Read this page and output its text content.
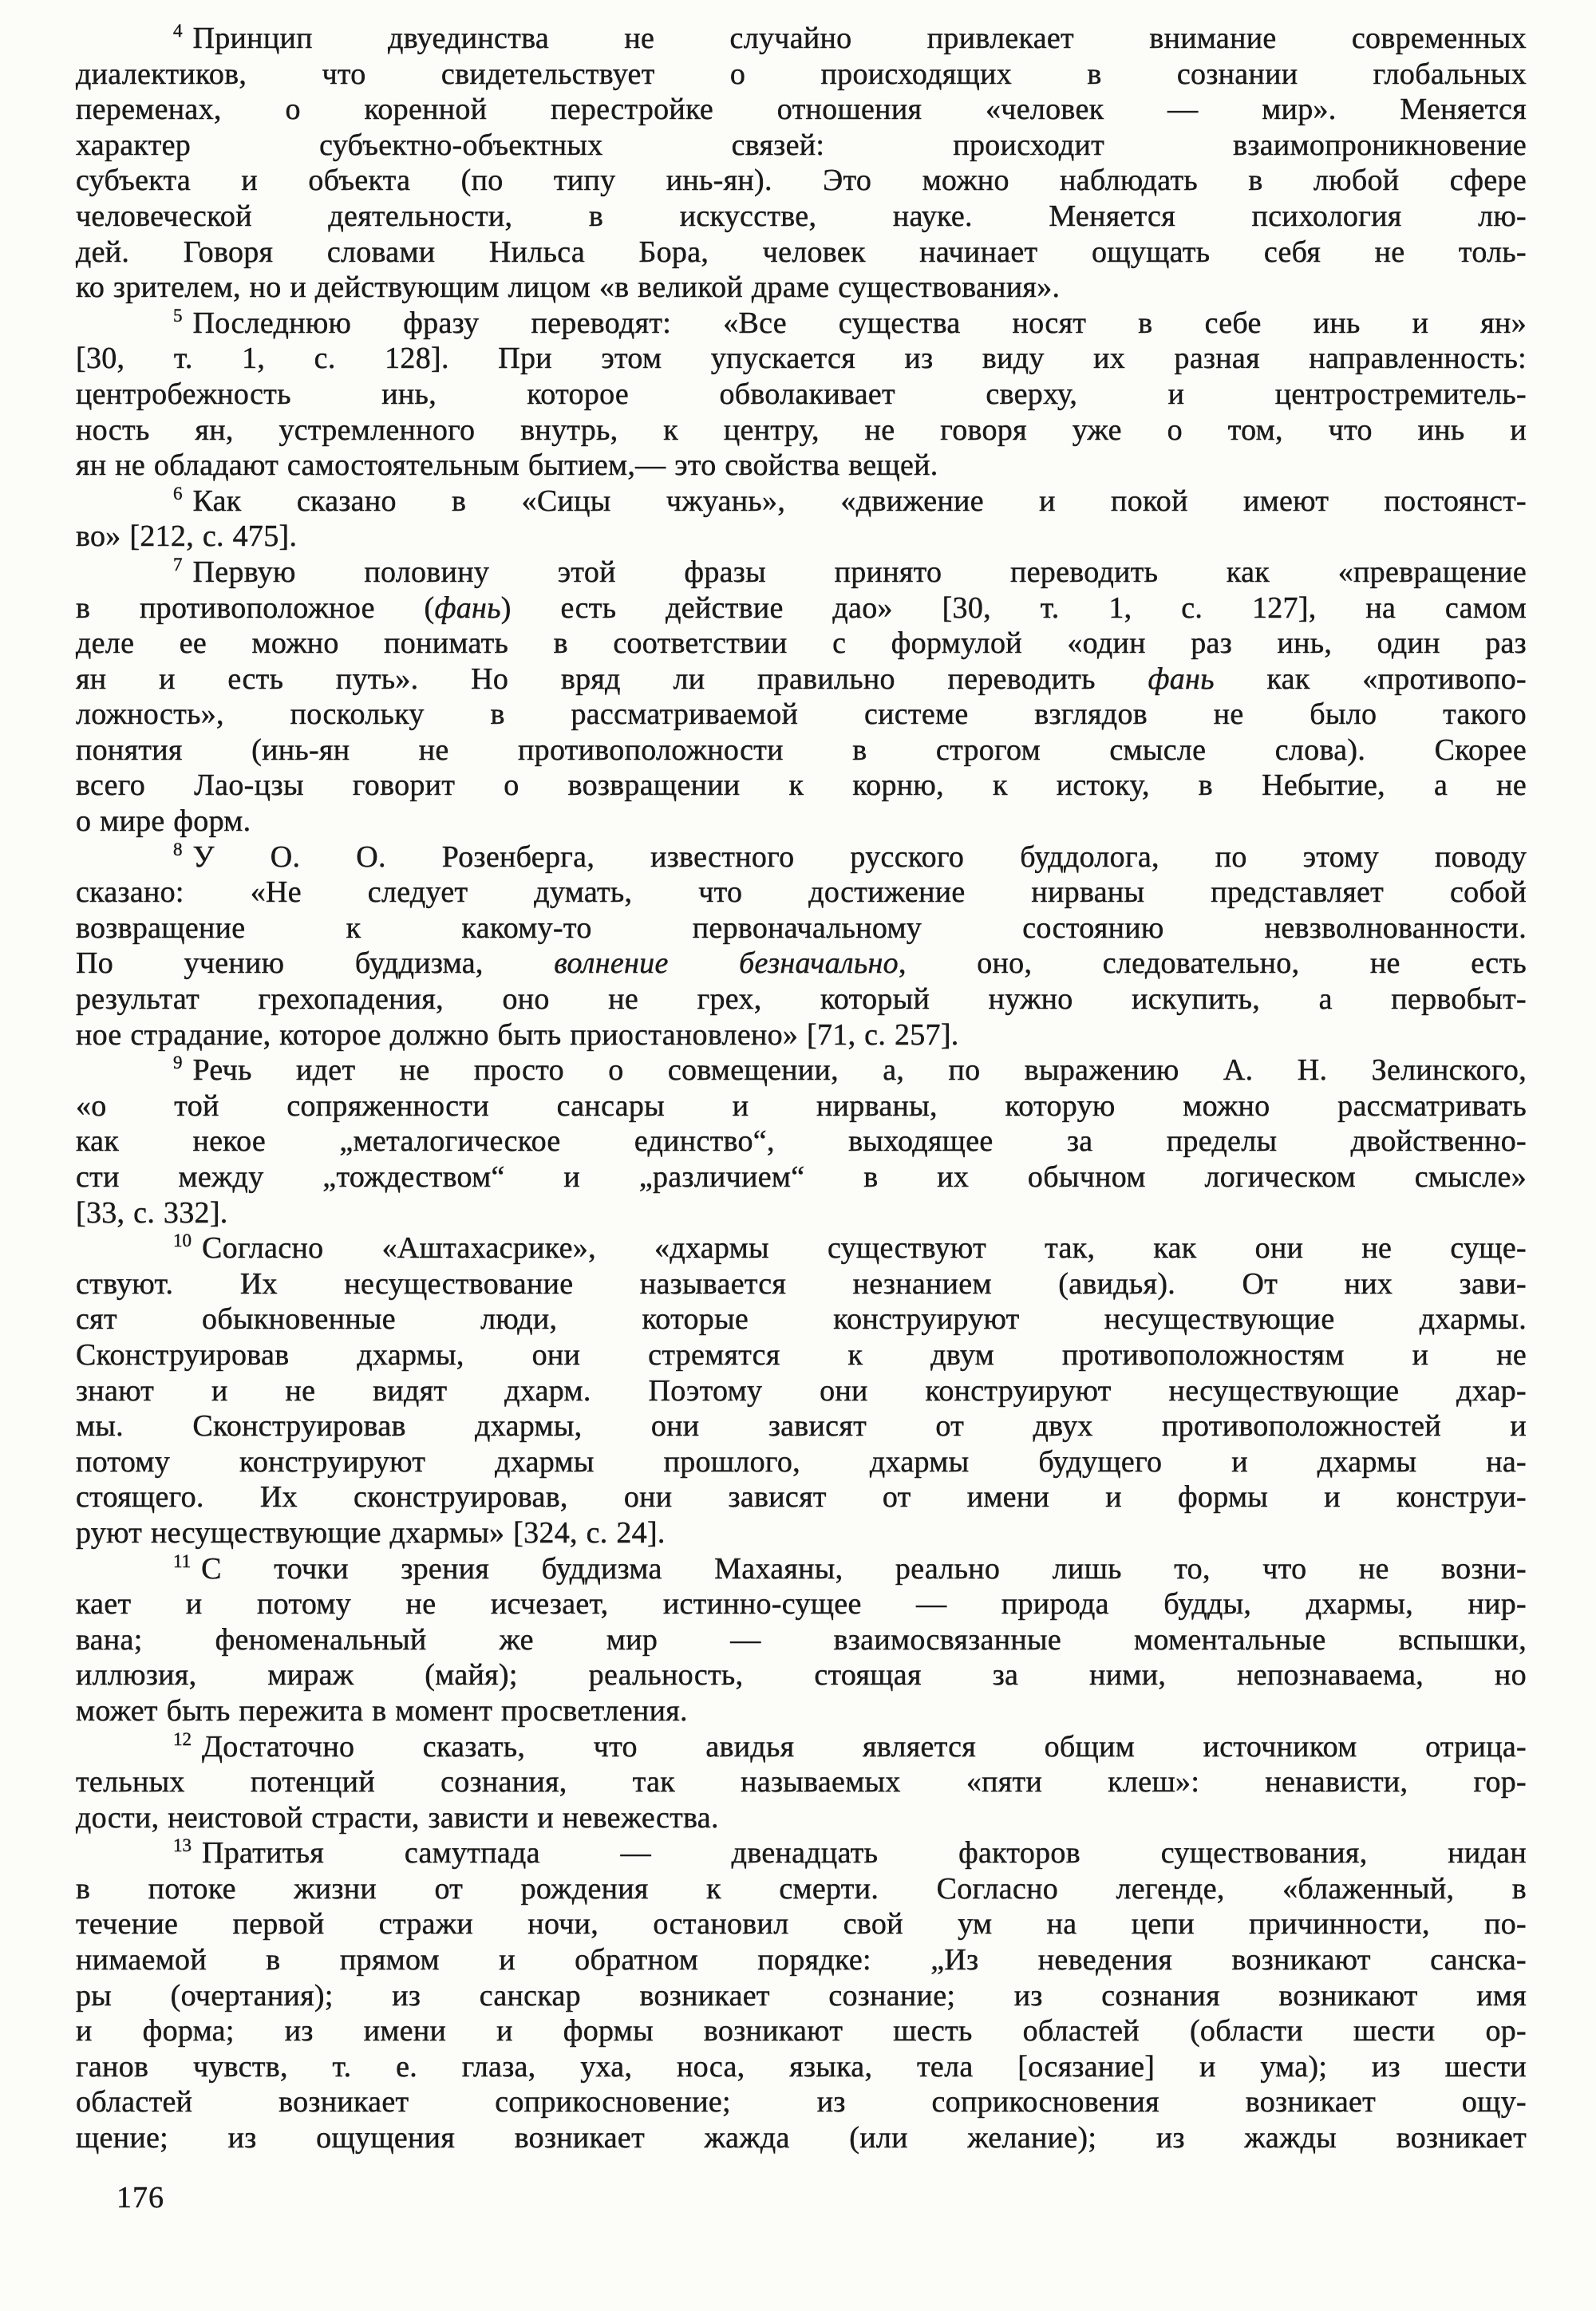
$^4$ Принцип двуединства не случайно привлекает внимание современных
диалектиков, что свидетельствует о происходящих в сознании глобальных
переменах, о коренной перестройке отношения «человек — мир». Меняется
характер субъектно-объектных связей: происходит взаимопроникновение
субъекта и объекта (по типу инь-ян). Это можно наблюдать в любой сфере
человеческой деятельности, в искусстве, науке. Меняется психология лю-
дей. Говоря словами Нильса Бора, человек начинает ощущать себя не толь-
ко зрителем, но и действующим лицом «в великой драме существования».
$^5$ Последнюю фразу переводят: «Все существа носят в себе инь и ян»
[30, т. 1, с. 128]. При этом упускается из виду их разная направленность:
центробежность инь, которое обволакивает сверху, и центростремитель-
ность ян, устремленного внутрь, к центру, не говоря уже о том, что инь и
ян не обладают самостоятельным бытием,— это свойства вещей.
$^6$ Как сказано в «Сицы чжуань», «движение и покой имеют постоянст-
во» [212, с. 475].
$^7$ Первую половину этой фразы принято переводить как «превращение
в противоположное (фань) есть действие дао» [30, т. 1, с. 127], на самом
деле ее можно понимать в соответствии с формулой «один раз инь, один раз
ян и есть путь». Но вряд ли правильно переводить фань как «противопо-
ложность», поскольку в рассматриваемой системе взглядов не было такого
понятия (инь-ян не противоположности в строгом смысле слова). Скорее
всего Лао-цзы говорит о возвращении к корню, к истоку, в Небытие, а не
о мире форм.
$^8$ У О. О. Розенберга, известного русского буддолога, по этому поводу
сказано: «Не следует думать, что достижение нирваны представляет собой
возвращение к какому-то первоначальному состоянию невзволнованности.
По учению буддизма, волнение безначально, оно, следовательно, не есть
результат грехопадения, оно не грех, который нужно искупить, а первобыт-
ное страдание, которое должно быть приостановлено» [71, с. 257].
$^9$ Речь идет не просто о совмещении, а, по выражению А. Н. Зелинского,
«о той сопряженности сансары и нирваны, которую можно рассматривать
как некое „металогическое единство“, выходящее за пределы двойственно-
сти между „тождеством“ и „различием“ в их обычном логическом смысле»
[33, с. 332].
$^{10}$ Согласно «Аштахасрике», «дхармы существуют так, как они не суще-
ствуют. Их несуществование называется незнанием (авидья). От них зави-
сят обыкновенные люди, которые конструируют несуществующие дхармы.
Сконструировав дхармы, они стремятся к двум противоположностям и не
знают и не видят дхарм. Поэтому они конструируют несуществующие дхар-
мы. Сконструировав дхармы, они зависят от двух противоположностей и
потому конструируют дхармы прошлого, дхармы будущего и дхармы на-
стоящего. Их сконструировав, они зависят от имени и формы и конструи-
руют несуществующие дхармы» [324, с. 24].
$^{11}$ С точки зрения буддизма Махаяны, реально лишь то, что не возни-
кает и потому не исчезает, истинно-сущее — природа будды, дхармы, нир-
вана; феноменальный же мир — взаимосвязанные моментальные вспышки,
иллюзия, мираж (майя); реальность, стоящая за ними, непознаваема, но
может быть пережита в момент просветления.
$^{12}$ Достаточно сказать, что авидья является общим источником отрица-
тельных потенций сознания, так называемых «пяти клеш»: ненависти, гор-
дости, неистовой страсти, зависти и невежества.
$^{13}$ Пратитья самутпада — двенадцать факторов существования, нидан
в потоке жизни от рождения к смерти. Согласно легенде, «блаженный, в
течение первой стражи ночи, остановил свой ум на цепи причинности, по-
нимаемой в прямом и обратном порядке: „Из неведения возникают санска-
ры (очертания); из санскар возникает сознание; из сознания возникают имя
и форма; из имени и формы возникают шесть областей (области шести ор-
ганов чувств, т. е. глаза, уха, носа, языка, тела [осязание] и ума); из шести
областей возникает соприкосновение; из соприкосновения возникает ощу-
щение; из ощущения возникает жажда (или желание); из жажды возникает
176
